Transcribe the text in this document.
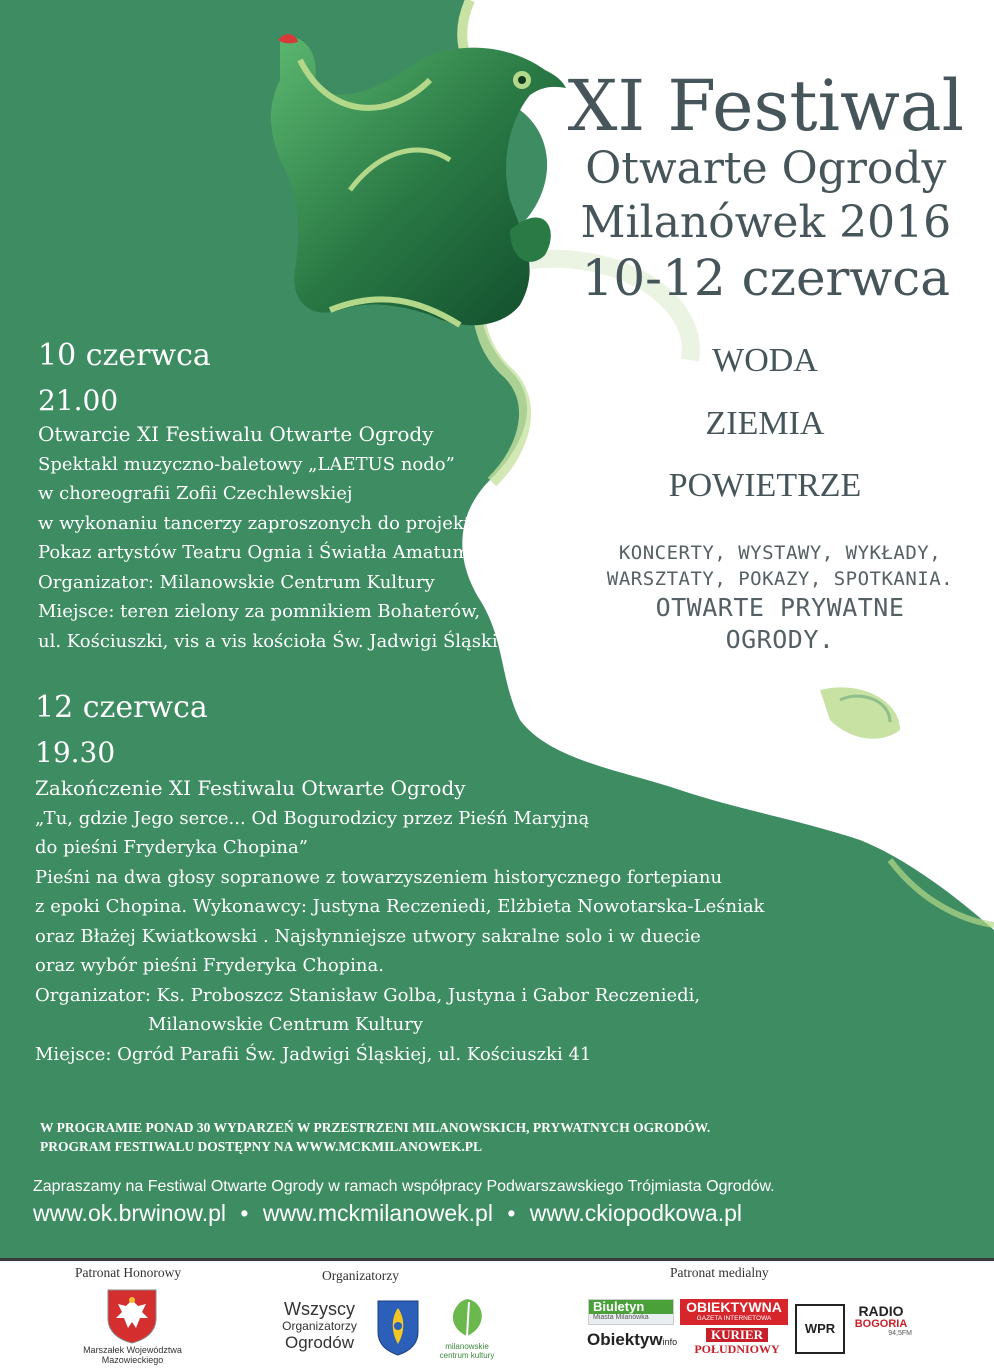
XI Festiwal
Otwarte Ogrody
Milanówek 2016
10-12 czerwca
WODA
ZIEMIA
POWIETRZE
KONCERTY, WYSTAWY, WYKŁADY,
WARSZTATY, POKAZY, SPOTKANIA.
OTWARTE PRYWATNE OGRODY.
10 czerwca
21.00
Otwarcie XI Festiwalu Otwarte Ogrody
Spektakl muzyczno-baletowy „LAETUS nodo”
w choreografii Zofii Czechlewskiej
w wykonaniu tancerzy zaproszonych do projektu.
Pokaz artystów Teatru Ognia i Światła Amatum.
Organizator: Milanowskie Centrum Kultury
Miejsce: teren zielony za pomnikiem Bohaterów,
ul. Kościuszki, vis a vis kościoła Św. Jadwigi Śląskiej
12 czerwca
19.30
Zakończenie XI Festiwalu Otwarte Ogrody
„Tu, gdzie Jego serce... Od Bogurodzicy przez Pieśń Maryjną
do pieśni Fryderyka Chopina”
Pieśni na dwa głosy sopranowe z towarzyszeniem historycznego fortepianu
z epoki Chopina. Wykonawcy: Justyna Reczeniedi, Elżbieta Nowotarska-Leśniak
oraz Błażej Kwiatkowski . Najsłynniejsze utwory sakralne solo i w duecie
oraz wybór pieśni Fryderyka Chopina.
Organizator: Ks. Proboszcz Stanisław Golba, Justyna i Gabor Reczeniedi,
Milanowskie Centrum Kultury
Miejsce: Ogród Parafii Św. Jadwigi Śląskiej, ul. Kościuszki 41
W PROGRAMIE PONAD 30 WYDARZEŃ W PRZESTRZENI MILANOWSKICH, PRYWATNYCH OGRODÓW.
PROGRAM FESTIWALU DOSTĘPNY NA WWW.MCKMILANOWEK.PL
Zapraszamy na Festiwal Otwarte Ogrody w ramach współpracy Podwarszawskiego Trójmiasta Ogrodów.
www.ok.brwinow.pl • www.mckmilanowek.pl • www.ckiopodkowa.pl
Patronat Honorowy	Organizatorzy	Patronat medialny
Marszałek Województwa
Mazowieckiego
Wszyscy
Organizatorzy
Ogrodów	milanowskie
centrum kultury
Biuletyn
Miasta Milanówka
OBIEKTYWNA
GAZETA INTERNETOWA
Obiektywinfo	KURIER
POŁUDNIOWY
WPR
RADIO
BOGORIA
94,5FM
